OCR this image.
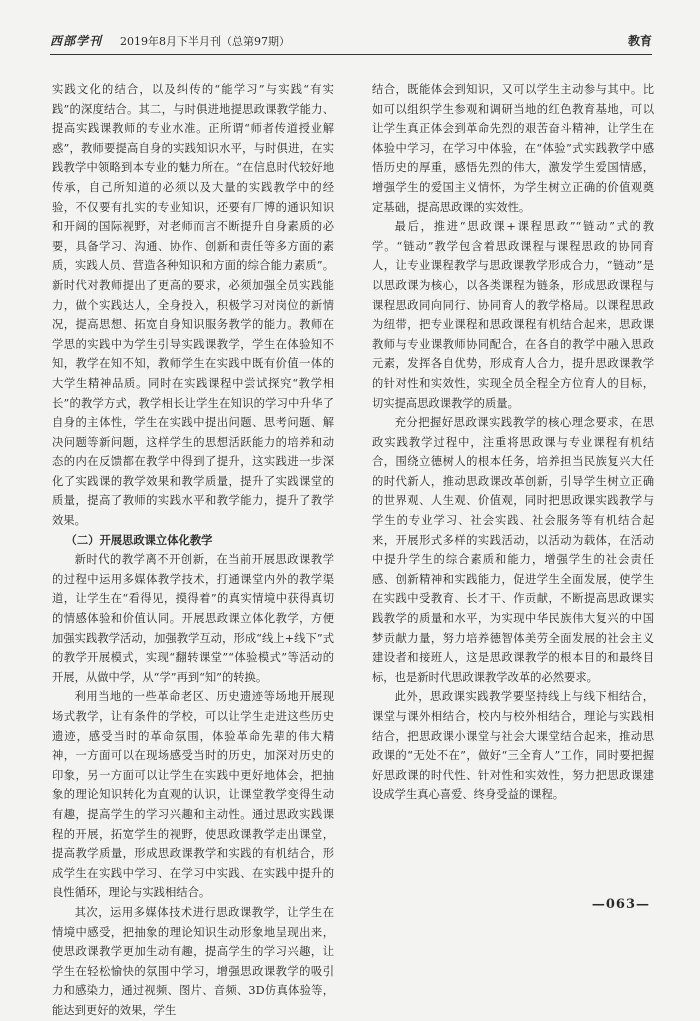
西部学刊 2019年8月下半月刊（总第97期）	教育

实践文化的结合，以及纠传的“能学习”与实践“有实践”的深度结合。其二，与时俱进地提思政课教学能力、提高实践课教师的专业水准。正所谓“师者传道授业解惑”，教师要提高自身的实践知识水平，与时俱进，在实践教学中领略到本专业的魅力所在。“在信息时代较好地传承，自己所知道的必须以及大量的实践教学中的经验，不仅要有扎实的专业知识，还要有厂博的通识知识和开阔的国际视野，对老师而言不断提升自身素质的必要，具备学习、沟通、协作、创新和责任等多方面的素质，实践人员、营造各种知识和方面的综合能力素质”。新时代对教师提出了更高的要求，必须加强全员实践能力，做个实践达人，全身投入，积极学习对岗位的新情况，提高思想、拓宽自身知识服务教学的能力。教师在学思的实践中为学生引导实践课教学，学生在体验知不知，教学在知不知，教师学生在实践中既有价值一体的大学生精神品质。同时在实践课程中尝试探究“教学相长”的教学方式，教学相长让学生在知识的学习中升华了自身的主体性，学生在实践中提出问题、思考问题、解决问题等新问题，这样学生的思想活跃能力的培养和动态的内在反馈都在教学中得到了提升，这实践进一步深化了实践课的教学效果和教学质量，提升了实践课堂的质量，提高了教师的实践水平和教学能力，提升了教学效果。

（二）开展思政课立体化教学

新时代的教学离不开创新，在当前开展思政课教学的过程中运用多媒体教学技术，打通课堂内外的教学渠道，让学生在“看得见，摸得着”的真实情境中获得真切的情感体验和价值认同。开展思政课立体化教学，方便加强实践教学活动，加强教学互动，形成“线上+线下”式的教学开展模式，实现“翻转课堂”“体验模式”等活动的开展，从做中学，从“学”再到“知”的转换。

利用当地的一些革命老区、历史遗迹等场地开展现场式教学，让有条件的学校，可以让学生走进这些历史遗迹，感受当时的革命氛围，体验革命先辈的伟大精神，一方面可以在现场感受当时的历史，加深对历史的印象，另一方面可以让学生在实践中更好地体会，把抽象的理论知识转化为直观的认识，让课堂教学变得生动有趣，提高学生的学习兴趣和主动性。通过思政实践课程的开展，拓宽学生的视野，使思政课教学走出课堂，提高教学质量，形成思政课教学和实践的有机结合，形成学生在实践中学习、在学习中实践、在实践中提升的良性循环，理论与实践相结合。

其次，运用多媒体技术进行思政课教学，让学生在情境中感受，把抽象的理论知识生动形象地呈现出来，使思政课教学更加生动有趣，提高学生的学习兴趣，让学生在轻松愉快的氛围中学习，增强思政课教学的吸引力和感染力，通过视频、图片、音频、3D仿真体验等，能达到更好的效果，学生

结合，既能体会到知识，又可以学生主动参与其中。比如可以组织学生参观和调研当地的红色教育基地，可以让学生真正体会到革命先烈的艰苦奋斗精神，让学生在体验中学习，在学习中体验，在“体验”式实践教学中感悟历史的厚重，感悟先烈的伟大，激发学生爱国情感，增强学生的爱国主义情怀，为学生树立正确的价值观奠定基础，提高思政课的实效性。

最后，推进“思政课+课程思政”“链动”式的教学。“链动”教学包含着思政课程与课程思政的协同育人，让专业课程教学与思政课教学形成合力，“链动”是以思政课为核心，以各类课程为链条，形成思政课程与课程思政同向同行、协同育人的教学格局。以课程思政为纽带，把专业课程和思政课程有机结合起来，思政课教师与专业课教师协同配合，在各自的教学中融入思政元素，发挥各自优势，形成育人合力，提升思政课教学的针对性和实效性，实现全员全程全方位育人的目标，切实提高思政课教学的质量。

充分把握好思政课实践教学的核心理念要求，在思政实践教学过程中，注重将思政课与专业课程有机结合，围绕立德树人的根本任务，培养担当民族复兴大任的时代新人，推动思政课改革创新，引导学生树立正确的世界观、人生观、价值观，同时把思政课实践教学与学生的专业学习、社会实践、社会服务等有机结合起来，开展形式多样的实践活动，以活动为载体，在活动中提升学生的综合素质和能力，增强学生的社会责任感、创新精神和实践能力，促进学生全面发展，使学生在实践中受教育、长才干、作贡献，不断提高思政课实践教学的质量和水平，为实现中华民族伟大复兴的中国梦贡献力量，努力培养德智体美劳全面发展的社会主义建设者和接班人，这是思政课教学的根本目的和最终目标，也是新时代思政课教学改革的必然要求。

此外，思政课实践教学要坚持线上与线下相结合，课堂与课外相结合，校内与校外相结合，理论与实践相结合，把思政课小课堂与社会大课堂结合起来，推动思政课的“无处不在”，做好“三全育人”工作，同时要把握好思政课的时代性、针对性和实效性，努力把思政课建设成学生真心喜爱、终身受益的课程。

—063—
